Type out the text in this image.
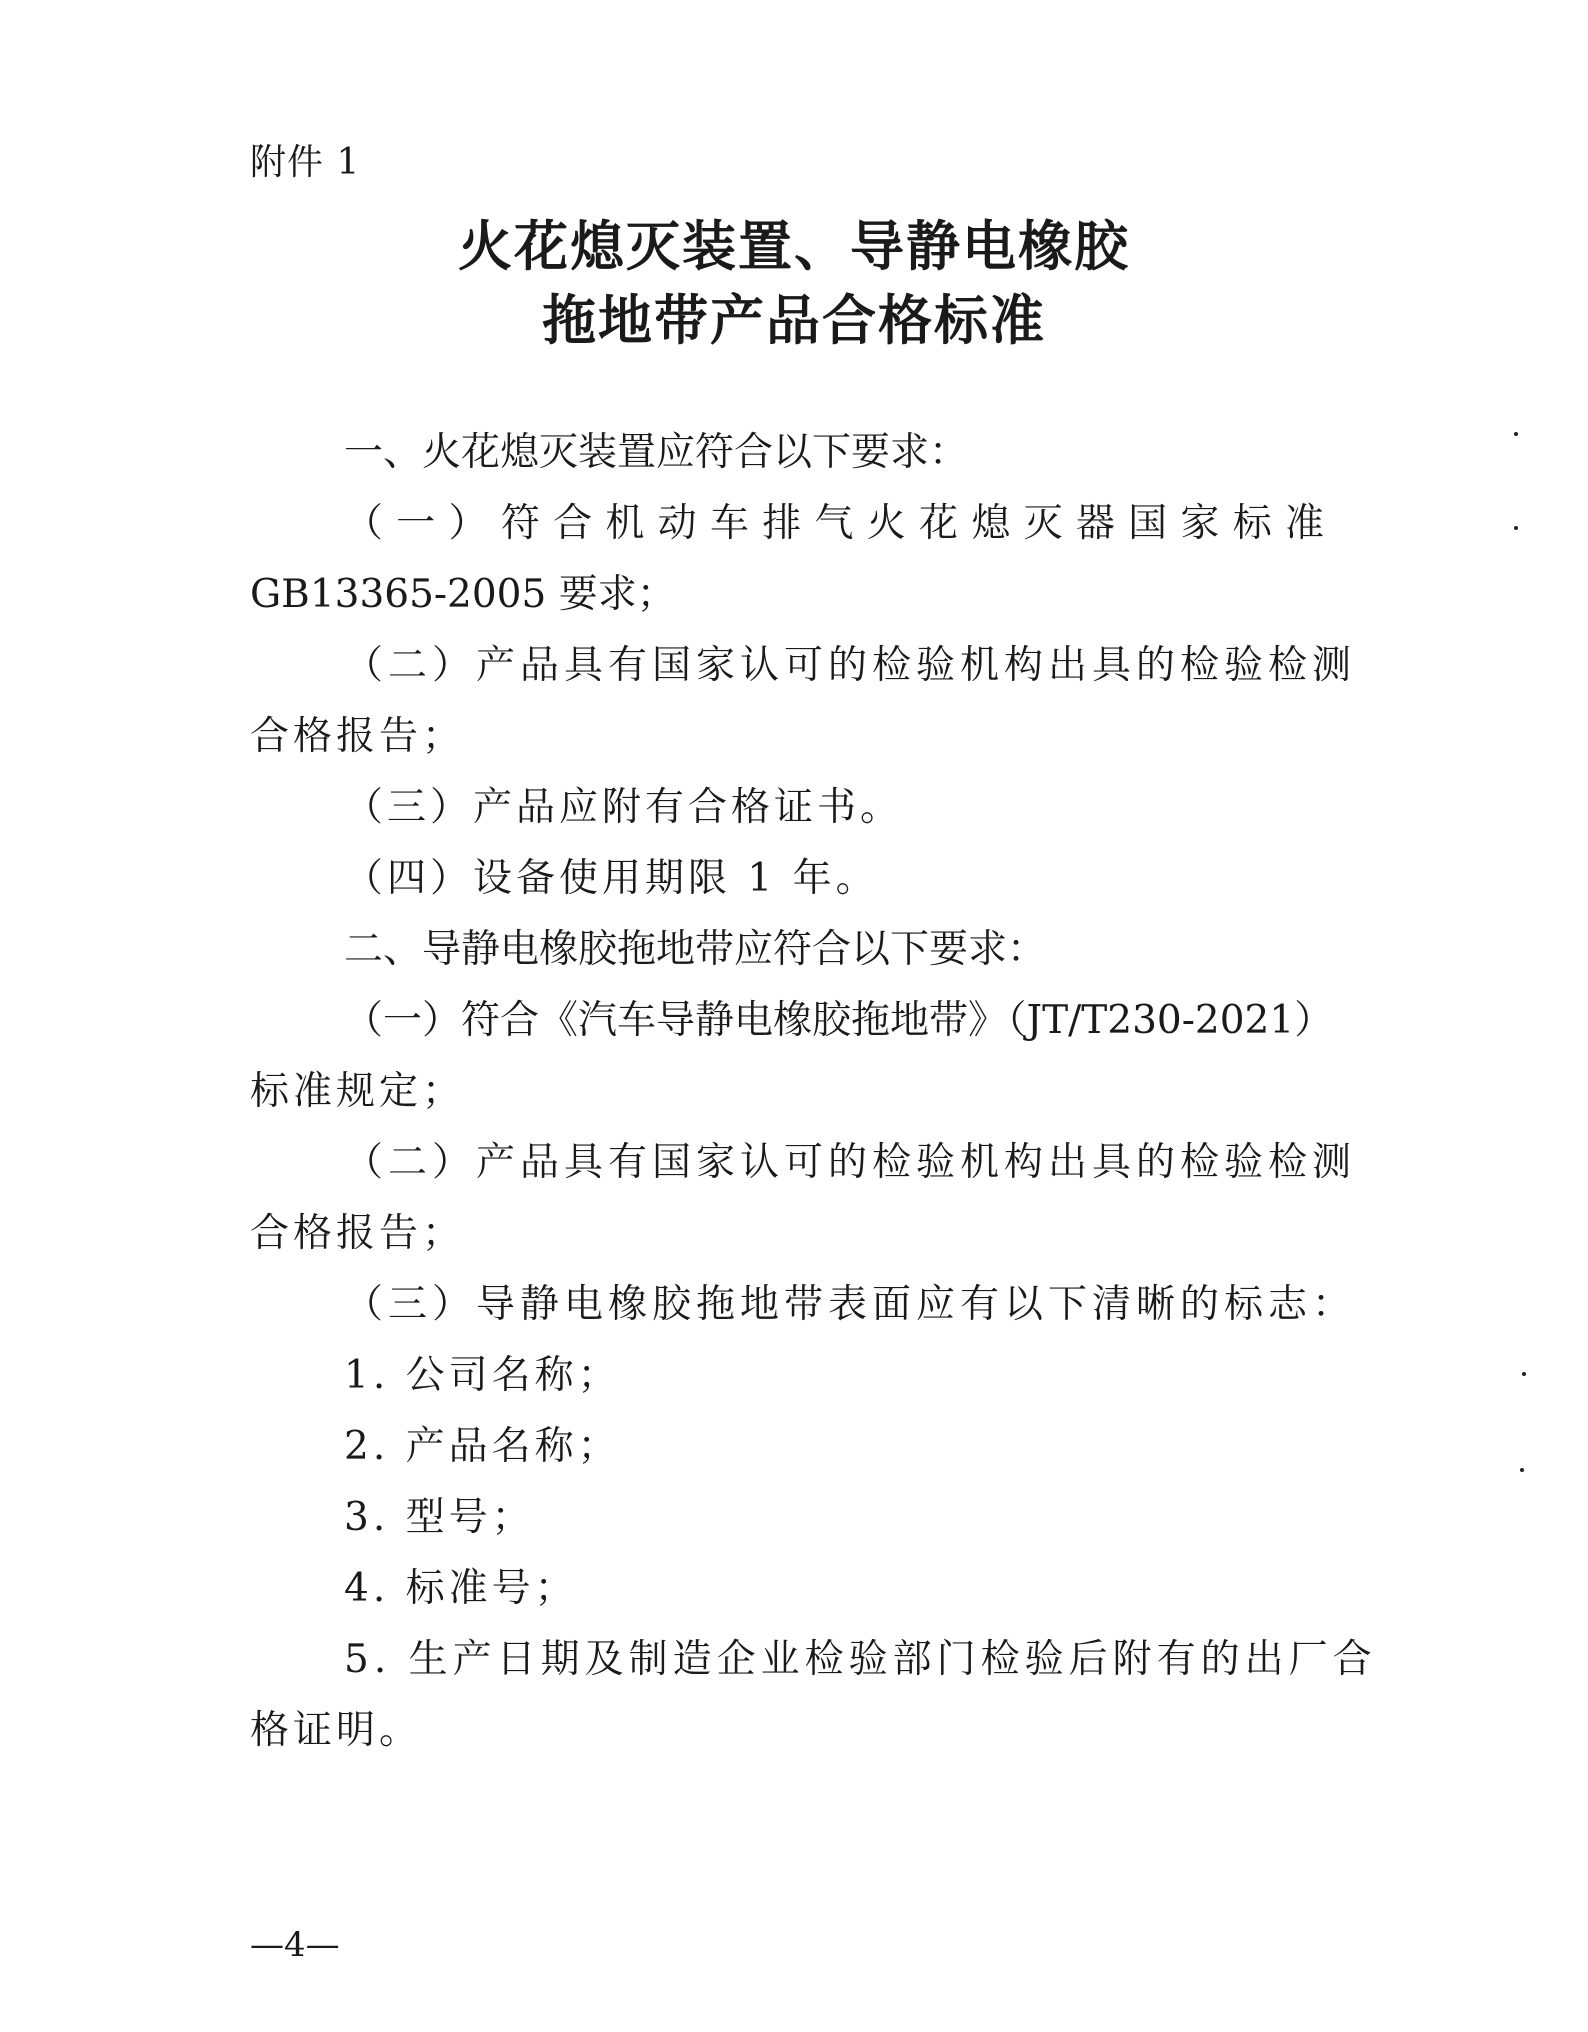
附件 1
火花熄灭装置、导静电橡胶
拖地带产品合格标准
一、火花熄灭装置应符合以下要求：
（一）符合机动车排气火花熄灭器国家标准
GB13365-2005 要求；
（二）产品具有国家认可的检验机构出具的检验检测
合格报告；
（三）产品应附有合格证书。
（四）设备使用期限 1 年。
二、导静电橡胶拖地带应符合以下要求：
（一）符合《汽车导静电橡胶拖地带》（JT/T230-2021）
标准规定；
（二）产品具有国家认可的检验机构出具的检验检测
合格报告；
（三）导静电橡胶拖地带表面应有以下清晰的标志：
1. 公司名称；
2. 产品名称；
3. 型号；
4. 标准号；
5. 生产日期及制造企业检验部门检验后附有的出厂合
格证明。
—4—
